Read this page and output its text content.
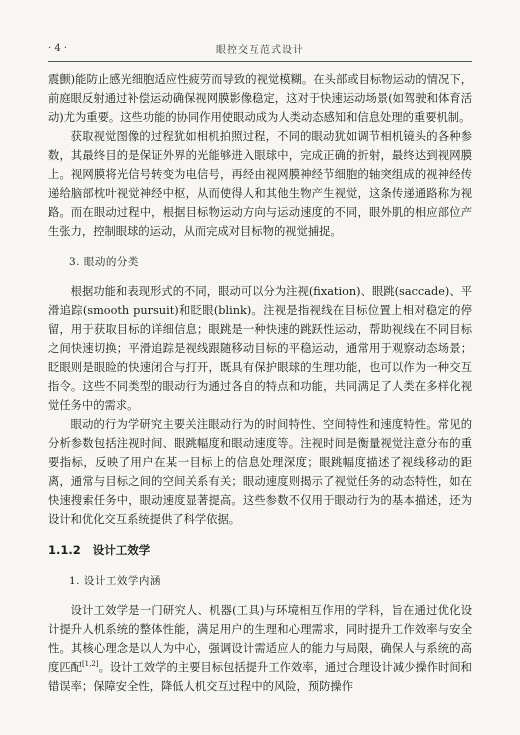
· 4 ·	眼控交互范式设计

震颤)能防止感光细胞适应性疲劳而导致的视觉模糊。在头部或目标物运动的情况下，前庭眼反射通过补偿运动确保视网膜影像稳定，这对于快速运动场景(如驾驶和体育活动)尤为重要。这些功能的协同作用使眼动成为人类动态感知和信息处理的重要机制。

获取视觉图像的过程犹如相机拍照过程，不同的眼动犹如调节相机镜头的各种参数，其最终目的是保证外界的光能够进入眼球中，完成正确的折射，最终达到视网膜上。视网膜将光信号转变为电信号，再经由视网膜神经节细胞的轴突组成的视神经传递给脑部枕叶视觉神经中枢，从而使得人和其他生物产生视觉，这条传递通路称为视路。而在眼动过程中，根据目标物运动方向与运动速度的不同，眼外肌的相应部位产生张力，控制眼球的运动，从而完成对目标物的视觉捕捉。

3. 眼动的分类

根据功能和表现形式的不同，眼动可以分为注视(fixation)、眼跳(saccade)、平滑追踪(smooth pursuit)和眨眼(blink)。注视是指视线在目标位置上相对稳定的停留，用于获取目标的详细信息；眼跳是一种快速的跳跃性运动，帮助视线在不同目标之间快速切换；平滑追踪是视线跟随移动目标的平稳运动，通常用于观察动态场景；眨眼则是眼睑的快速闭合与打开，既具有保护眼球的生理功能，也可以作为一种交互指令。这些不同类型的眼动行为通过各自的特点和功能，共同满足了人类在多样化视觉任务中的需求。

眼动的行为学研究主要关注眼动行为的时间特性、空间特性和速度特性。常见的分析参数包括注视时间、眼跳幅度和眼动速度等。注视时间是衡量视觉注意分布的重要指标，反映了用户在某一目标上的信息处理深度；眼跳幅度描述了视线移动的距离，通常与目标之间的空间关系有关；眼动速度则揭示了视觉任务的动态特性，如在快速搜索任务中，眼动速度显著提高。这些参数不仅用于眼动行为的基本描述，还为设计和优化交互系统提供了科学依据。

1.1.2 设计工效学

1. 设计工效学内涵

设计工效学是一门研究人、机器(工具)与环境相互作用的学科，旨在通过优化设计提升人机系统的整体性能，满足用户的生理和心理需求，同时提升工作效率与安全性。其核心理念是以人为中心，强调设计需适应人的能力与局限，确保人与系统的高度匹配[1,2]。设计工效学的主要目标包括提升工作效率，通过合理设计减少操作时间和错误率；保障安全性，降低人机交互过程中的风险，预防操作
